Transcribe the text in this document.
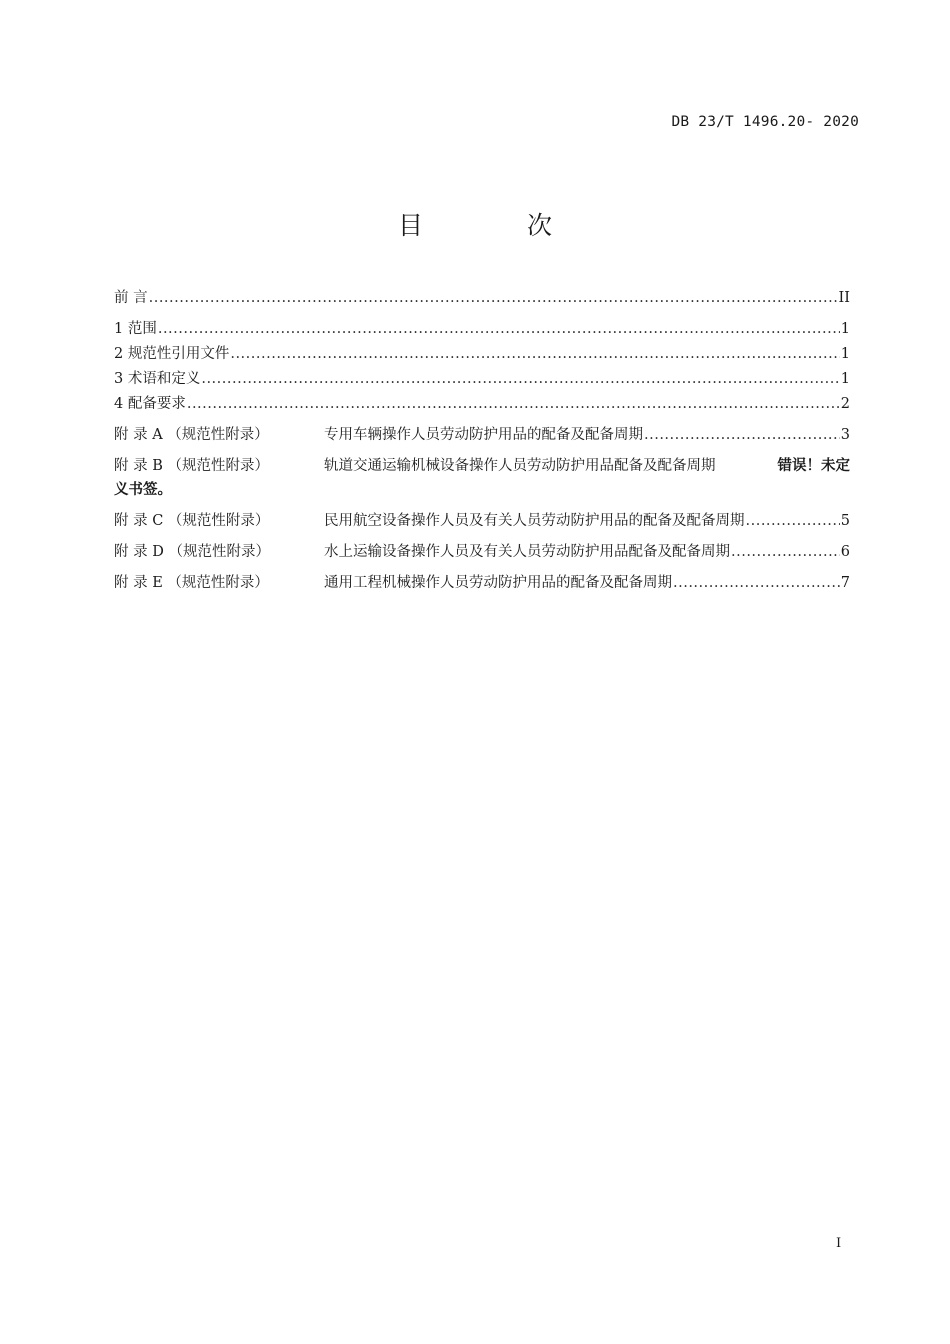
DB 23/T 1496.20- 2020

目 次
前 言 .....	II
1 范围 .....	1
2 规范性引用文件 .....	1
3 术语和定义 .....	1
4 配备要求 .....	2
附 录 A （规范性附录）	专用车辆操作人员劳动防护用品的配备及配备周期 .....	3
附 录 B （规范性附录）	轨道交通运输机械设备操作人员劳动防护用品配备及配备周期	错误！未定
义书签。
附 录 C （规范性附录）	民用航空设备操作人员及有关人员劳动防护用品的配备及配备周期 .....	5
附 录 D （规范性附录）	水上运输设备操作人员及有关人员劳动防护用品配备及配备周期 .....	6
附 录 E （规范性附录）	通用工程机械操作人员劳动防护用品的配备及配备周期 .....	7

I
